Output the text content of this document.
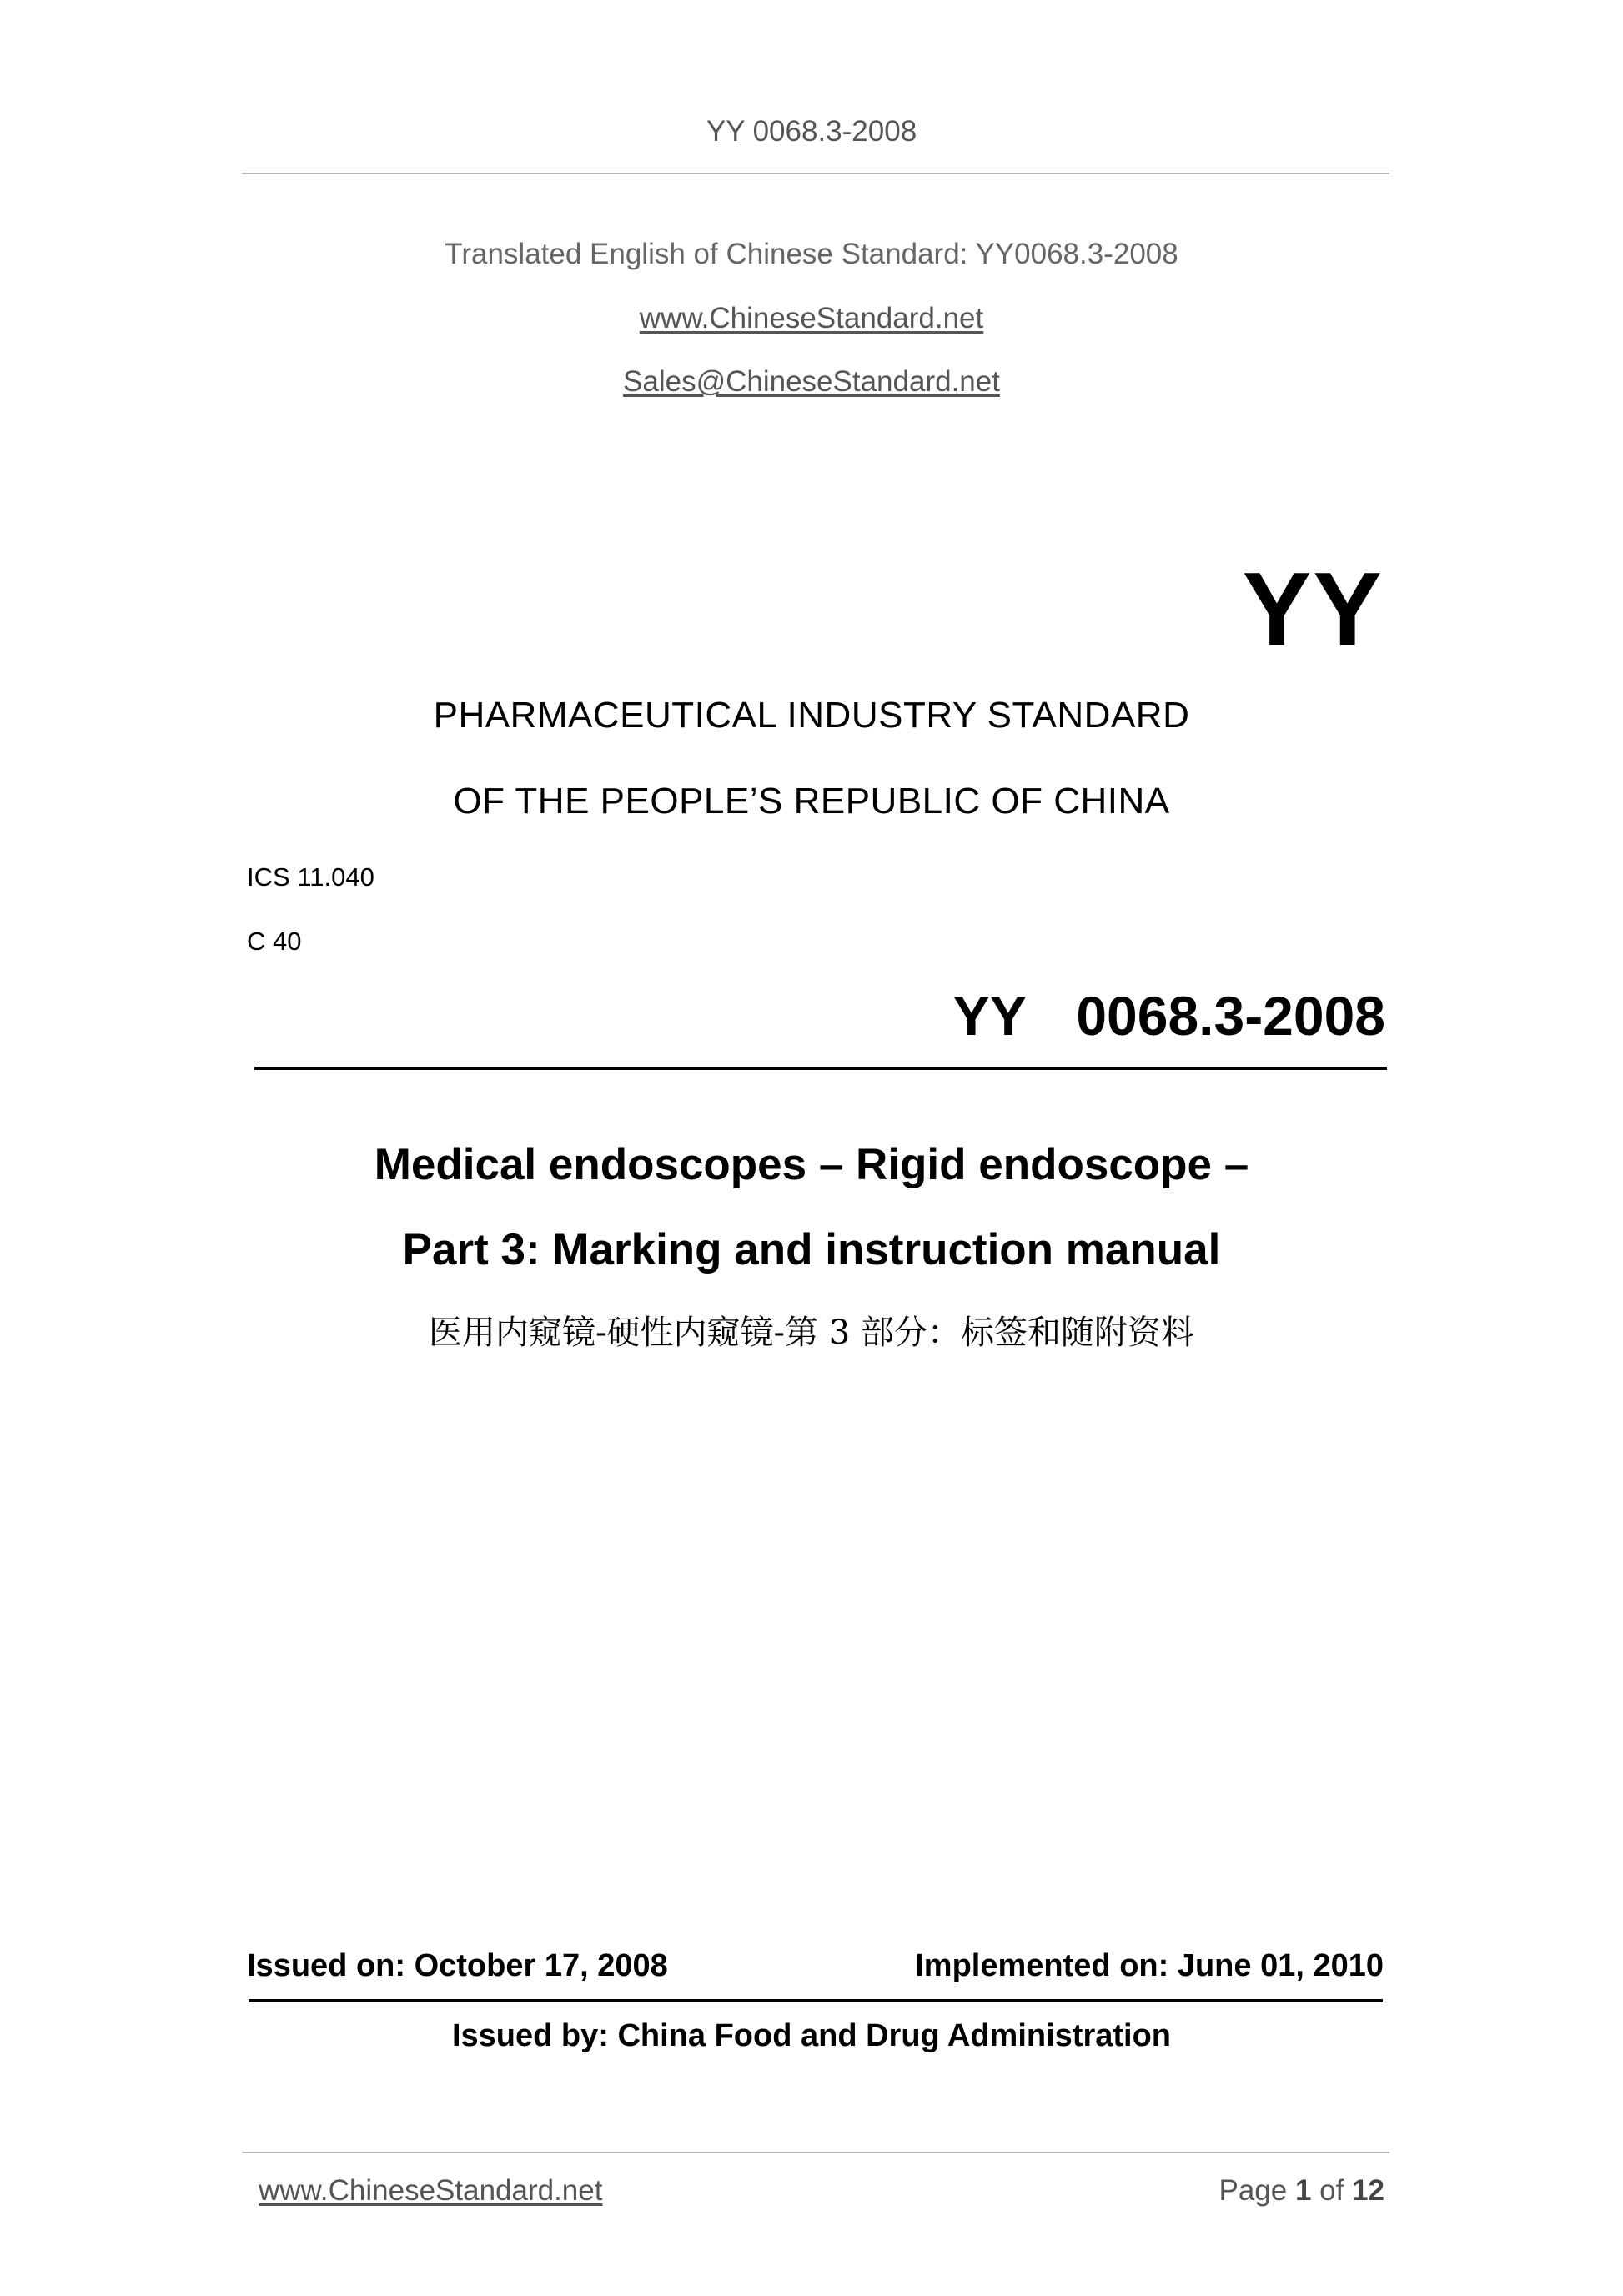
YY 0068.3-2008
Translated English of Chinese Standard: YY0068.3-2008
www.ChineseStandard.net
Sales@ChineseStandard.net
YY
PHARMACEUTICAL INDUSTRY STANDARD
OF THE PEOPLE’S REPUBLIC OF CHINA
ICS 11.040
C 40
YY  0068.3-2008
Medical endoscopes – Rigid endoscope –
Part 3: Marking and instruction manual
医用内窥镜-硬性内窥镜-第 3 部分：标签和随附资料
Issued on: October 17, 2008	Implemented on: June 01, 2010
Issued by: China Food and Drug Administration
www.ChineseStandard.net	Page 1 of 12
